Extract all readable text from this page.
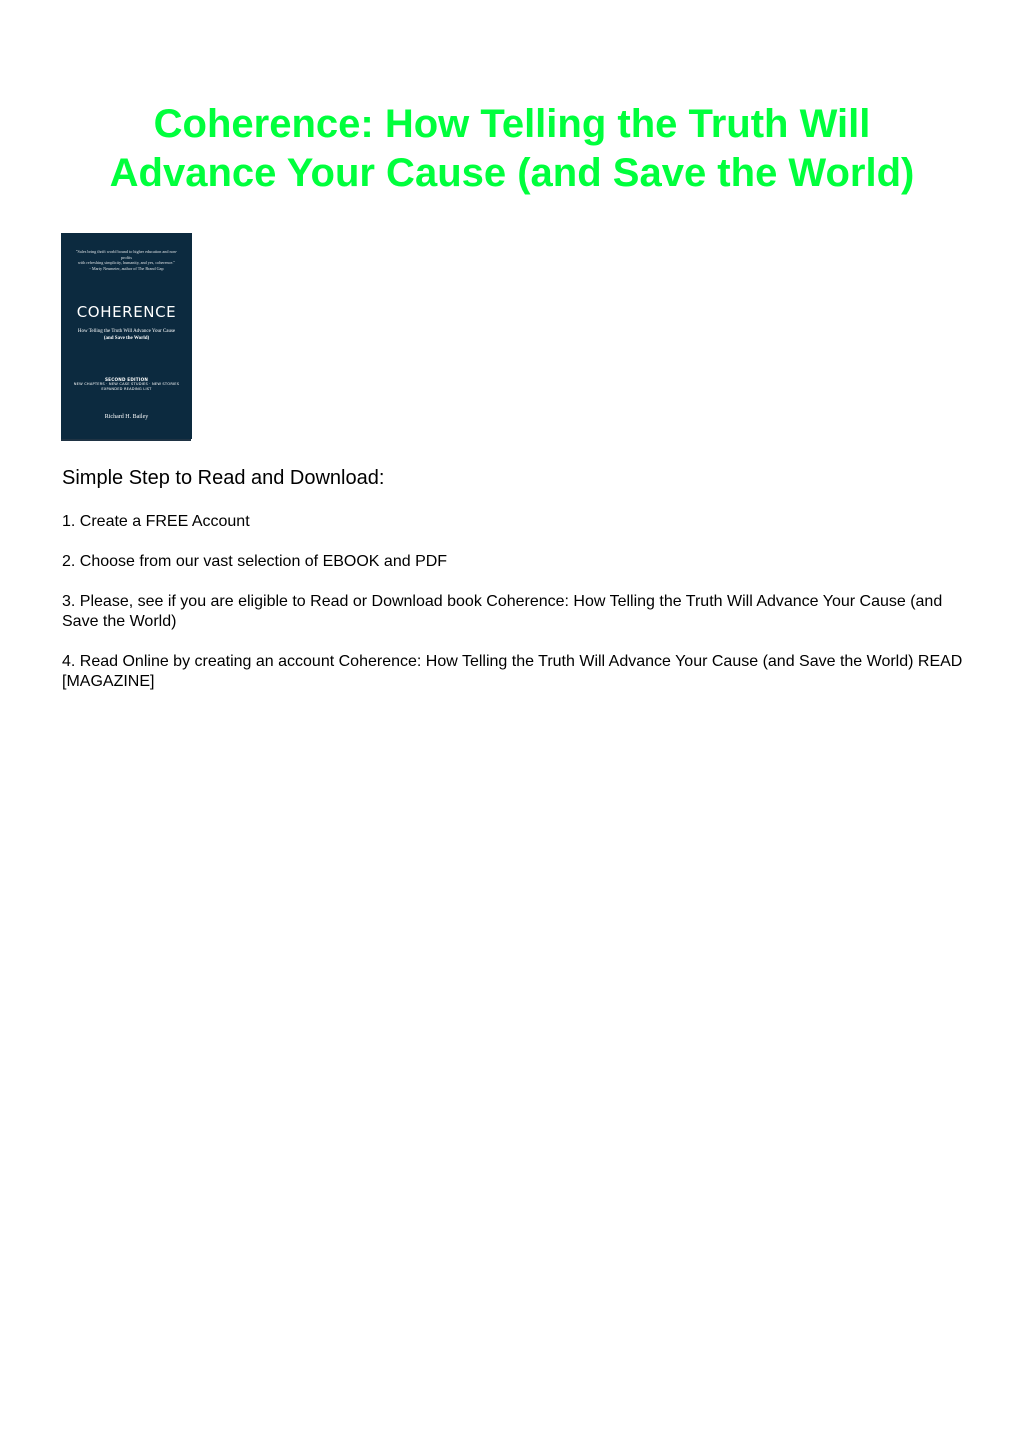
Coherence: How Telling the Truth Will
Advance Your Cause (and Save the World)
"Sales bring thrift world bound to higher education and non-profits
with refreshing simplicity, humanity, and yes, coherence."
- Marty Neumeier, author of The Brand Gap
COHERENCE
How Telling the Truth Will Advance Your Cause
(and Save the World)
SECOND EDITION
NEW CHAPTERS · NEW CASE STUDIES · NEW STORIES
EXPANDED READING LIST
Richard H. Bailey

Simple Step to Read and Download:

1. Create a FREE Account
2. Choose from our vast selection of EBOOK and PDF
3. Please, see if you are eligible to Read or Download book Coherence: How Telling the Truth Will Advance Your Cause (and Save the World)
4. Read Online by creating an account Coherence: How Telling the Truth Will Advance Your Cause (and Save the World) READ [MAGAZINE]
